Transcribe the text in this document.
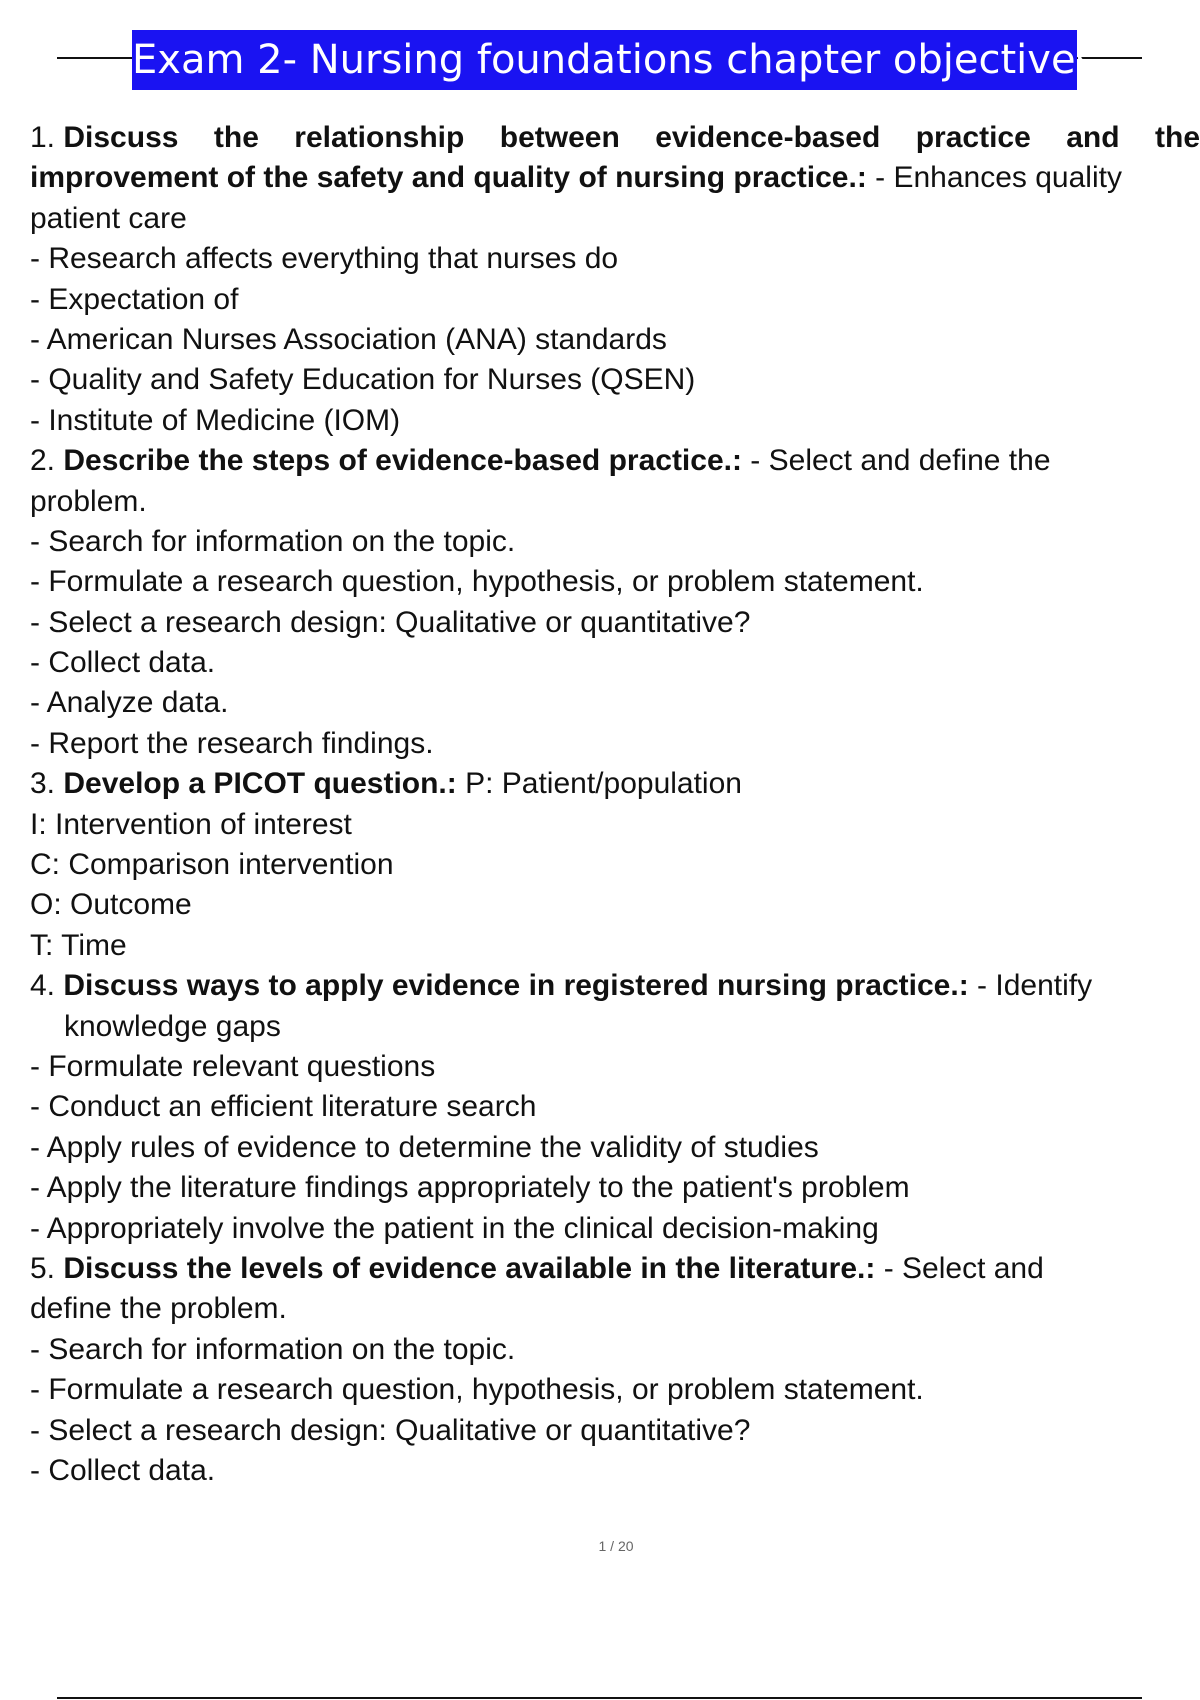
Exam 2- Nursing foundations chapter objectives
1. Discuss the relationship between evidence-based practice and the
improvement of the safety and quality of nursing practice.: - Enhances quality
patient care
- Research affects everything that nurses do
- Expectation of
- American Nurses Association (ANA) standards
- Quality and Safety Education for Nurses (QSEN)
- Institute of Medicine (IOM)
2. Describe the steps of evidence-based practice.: - Select and define the
problem.
- Search for information on the topic.
- Formulate a research question, hypothesis, or problem statement.
- Select a research design: Qualitative or quantitative?
- Collect data.
- Analyze data.
- Report the research findings.
3. Develop a PICOT question.: P: Patient/population
I: Intervention of interest
C: Comparison intervention
O: Outcome
T: Time
4. Discuss ways to apply evidence in registered nursing practice.: - Identify
knowledge gaps
- Formulate relevant questions
- Conduct an efficient literature search
- Apply rules of evidence to determine the validity of studies
- Apply the literature findings appropriately to the patient's problem
- Appropriately involve the patient in the clinical decision-making
5. Discuss the levels of evidence available in the literature.: - Select and
define the problem.
- Search for information on the topic.
- Formulate a research question, hypothesis, or problem statement.
- Select a research design: Qualitative or quantitative?
- Collect data.
1 / 20
